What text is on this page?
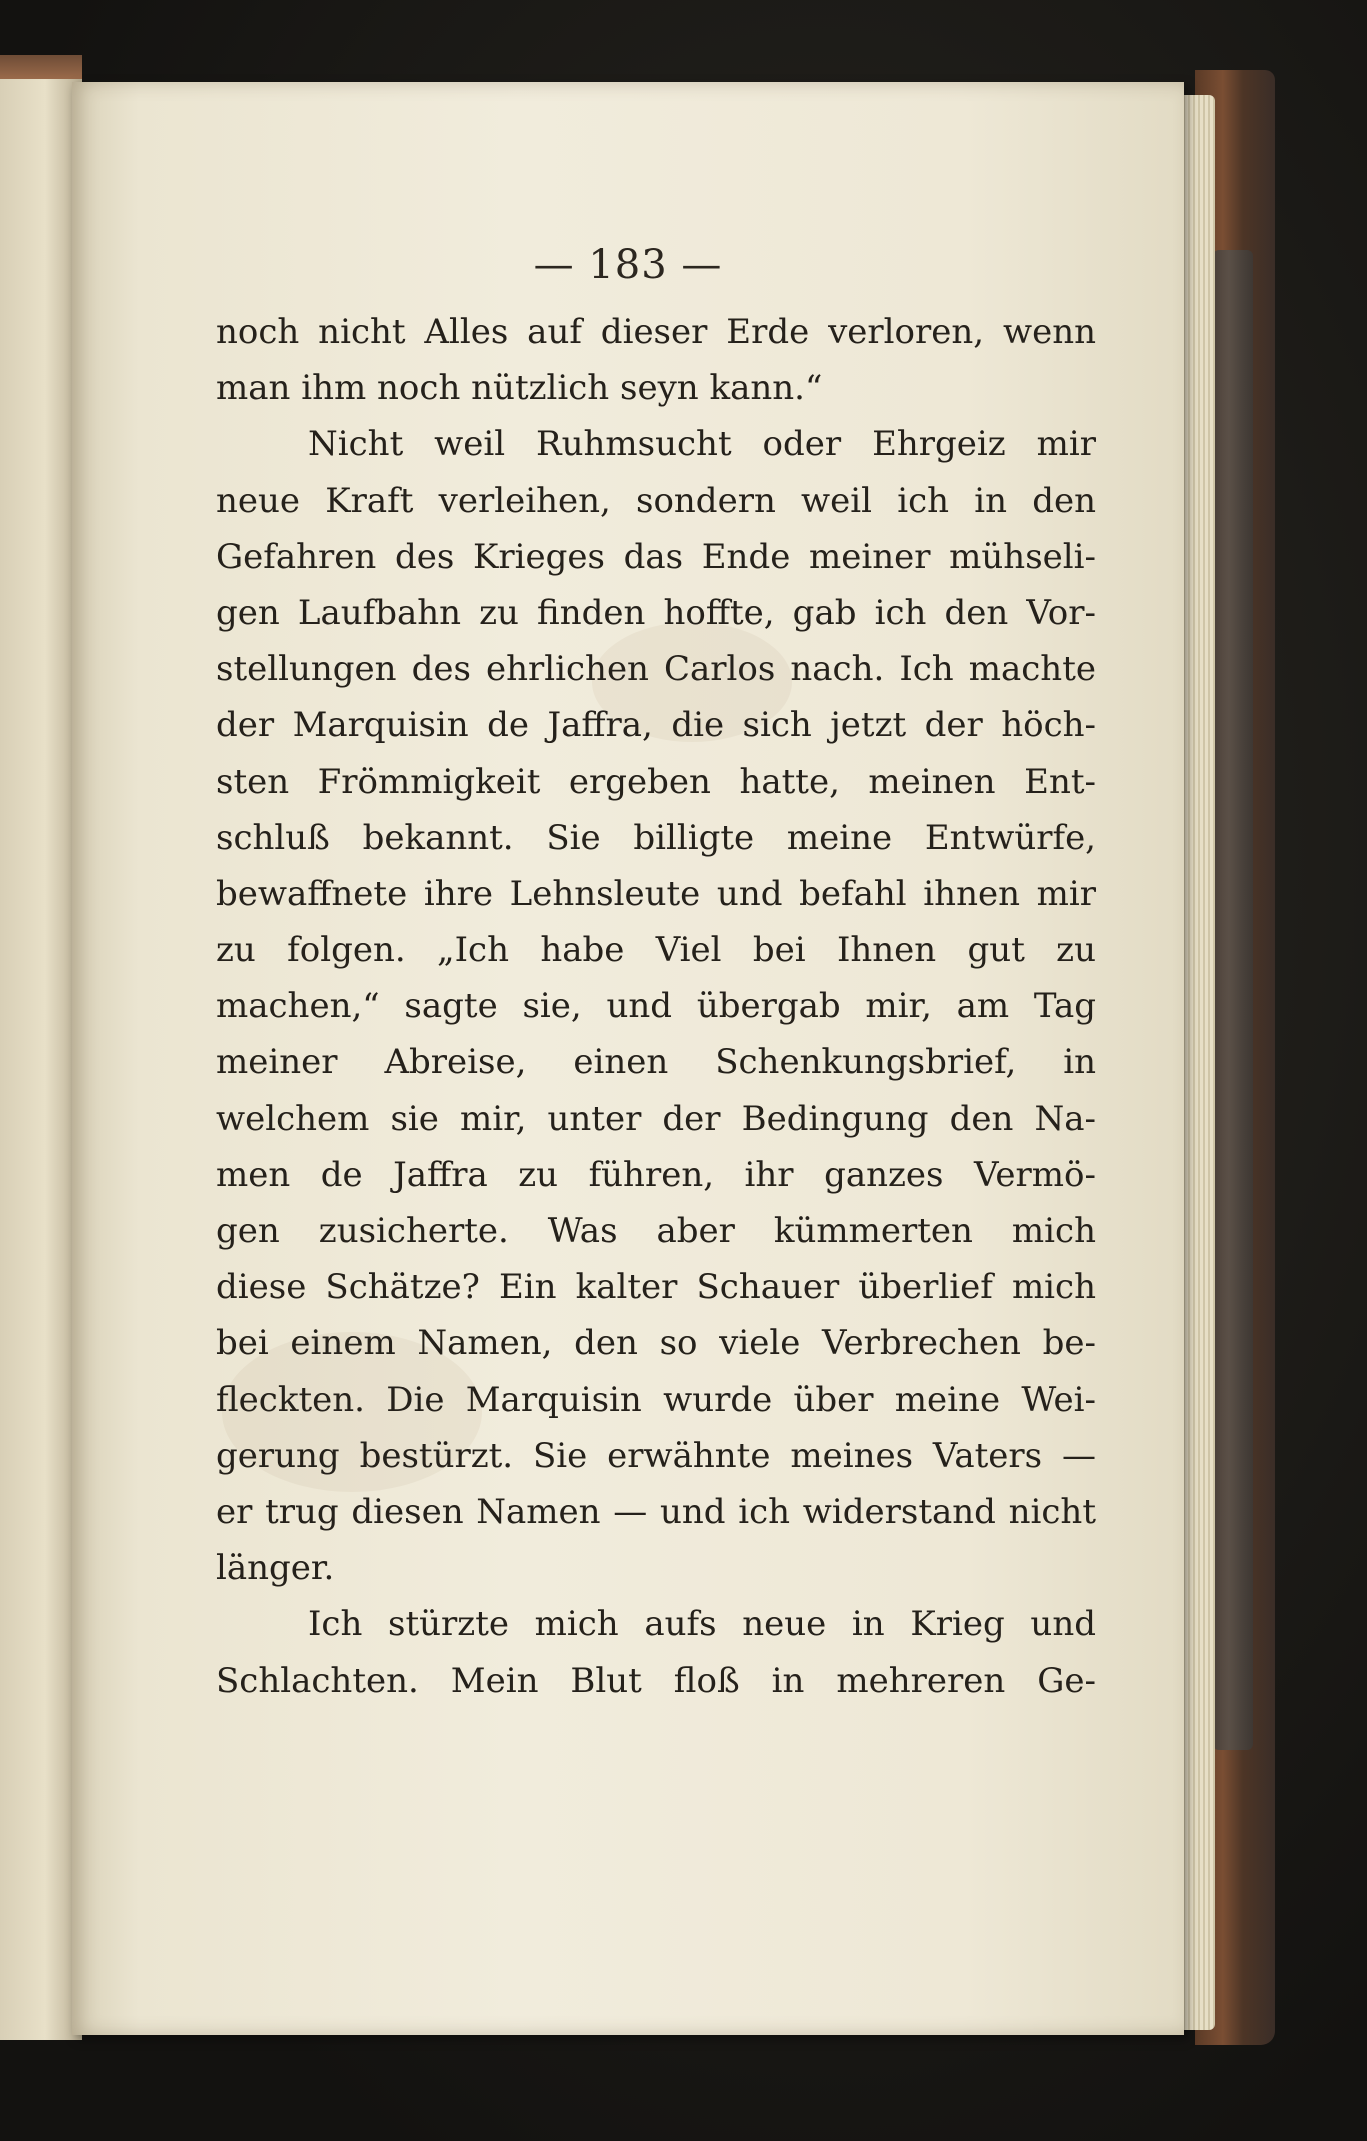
— 183 —
noch nicht Alles auf dieser Erde verloren, wenn
man ihm noch nützlich seyn kann.“
Nicht weil Ruhmsucht oder Ehrgeiz mir
neue Kraft verleihen, sondern weil ich in den
Gefahren des Krieges das Ende meiner mühseli-
gen Laufbahn zu finden hoffte, gab ich den Vor-
stellungen des ehrlichen Carlos nach. Ich machte
der Marquisin de Jaffra, die sich jetzt der höch-
sten Frömmigkeit ergeben hatte, meinen Ent-
schluß bekannt. Sie billigte meine Entwürfe,
bewaffnete ihre Lehnsleute und befahl ihnen mir
zu folgen. „Ich habe Viel bei Ihnen gut zu
machen,“ sagte sie, und übergab mir, am Tag
meiner Abreise, einen Schenkungsbrief, in
welchem sie mir, unter der Bedingung den Na-
men de Jaffra zu führen, ihr ganzes Vermö-
gen zusicherte. Was aber kümmerten mich
diese Schätze? Ein kalter Schauer überlief mich
bei einem Namen, den so viele Verbrechen be-
fleckten. Die Marquisin wurde über meine Wei-
gerung bestürzt. Sie erwähnte meines Vaters —
er trug diesen Namen — und ich widerstand nicht
länger.
Ich stürzte mich aufs neue in Krieg und
Schlachten. Mein Blut floß in mehreren Ge-
